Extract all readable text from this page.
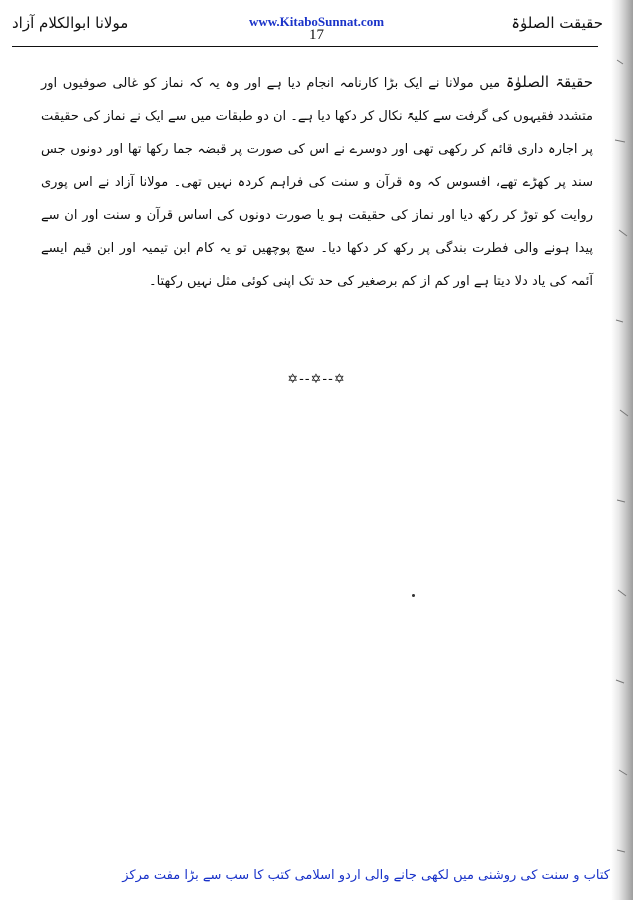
مولانا ابوالکلام آزاد	www.KitaboSunnat.com
17
حقیقت الصلوٰۃ
حقیقۃ الصلوٰۃ میں مولانا نے ایک بڑا کارنامہ انجام دیا ہے اور وہ یہ کہ نماز کو غالی صوفیوں اور متشدد فقیہوں کی گرفت سے کلیۃً نکال کر دکھا دیا ہے۔ ان دو طبقات میں سے ایک نے نماز کی حقیقت پر اجارہ داری قائم کر رکھی تھی اور دوسرے نے اس کی صورت پر قبضہ جما رکھا تھا اور دونوں جس سند پر کھڑے تھے، افسوس کہ وہ قرآن و سنت کی فراہم کردہ نہیں تھی۔ مولانا آزاد نے اس پوری روایت کو توڑ کر رکھ دیا اور نماز کی حقیقت ہو یا صورت دونوں کی اساس قرآن و سنت اور ان سے پیدا ہونے والی فطرت بندگی پر رکھ کر دکھا دیا۔ سچ پوچھیں تو یہ کام ابن تیمیہ اور ابن قیم ایسے آئمہ کی یاد دلا دیتا ہے اور کم از کم برصغیر کی حد تک اپنی کوئی مثل نہیں رکھتا۔
✡--✡--✡
کتاب و سنت کی روشنی میں لکھی جانے والی اردو اسلامی کتب کا سب سے بڑا مفت مرکز
